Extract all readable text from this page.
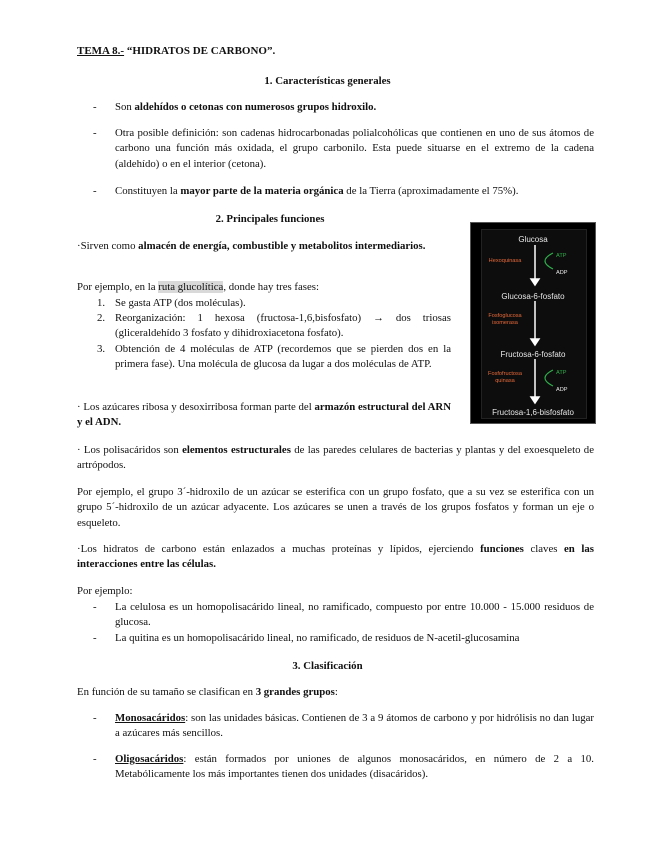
TEMA 8.- “HIDRATOS DE CARBONO”.
1. Características generales
- Son aldehídos o cetonas con numerosos grupos hidroxilo.
- Otra posible definición: son cadenas hidrocarbonadas polialcohólicas que contienen en uno de sus átomos de carbono una función más oxidada, el grupo carbonilo. Esta puede situarse en el extremo de la cadena (aldehído) o en el interior (cetona).
- Constituyen la mayor parte de la materia orgánica de la Tierra (aproximadamente el 75%).
2. Principales funciones
·Sirven como almacén de energía, combustible y metabolitos intermediarios.
Por ejemplo, en la ruta glucolítica, donde hay tres fases:
1. Se gasta ATP (dos moléculas).
2. Reorganización: 1 hexosa (fructosa-1,6,bisfosfato) → dos triosas (gliceraldehído 3 fosfato y dihidroxiacetona fosfato).
3. Obtención de 4 moléculas de ATP (recordemos que se pierden dos en la primera fase). Una molécula de glucosa da lugar a dos moléculas de ATP.
· Los azúcares ribosa y desoxirribosa forman parte del armazón estructural del ARN y el ADN.
Glucosa
ATP
ADP
Hexoquinasa
Glucosa-6-fosfato
Fosfoglucosa isomerasa
Fructosa-6-fosfato
ATP
ADP
Fosfofructosa quinasa
Fructosa-1,6-bisfosfato
· Los polisacáridos son elementos estructurales de las paredes celulares de bacterias y plantas y del exoesqueleto de artrópodos.
Por ejemplo, el grupo 3´-hidroxilo de un azúcar se esterifica con un grupo fosfato, que a su vez se esterifica con un grupo 5´-hidroxilo de un azúcar adyacente. Los azúcares se unen a través de los grupos fosfatos y forman un eje o esqueleto.
·Los hidratos de carbono están enlazados a muchas proteínas y lípidos, ejerciendo funciones claves en las interacciones entre las células.
Por ejemplo:
- La celulosa es un homopolisacárido lineal, no ramificado, compuesto por entre 10.000 - 15.000 residuos de glucosa.
- La quitina es un homopolisacárido lineal, no ramificado, de residuos de N-acetil-glucosamina
3. Clasificación
En función de su tamaño se clasifican en 3 grandes grupos:
- Monosacáridos: son las unidades básicas. Contienen de 3 a 9 átomos de carbono y por hidrólisis no dan lugar a azúcares más sencillos.
- Oligosacáridos: están formados por uniones de algunos monosacáridos, en número de 2 a 10. Metabólicamente los más importantes tienen dos unidades (disacáridos).
